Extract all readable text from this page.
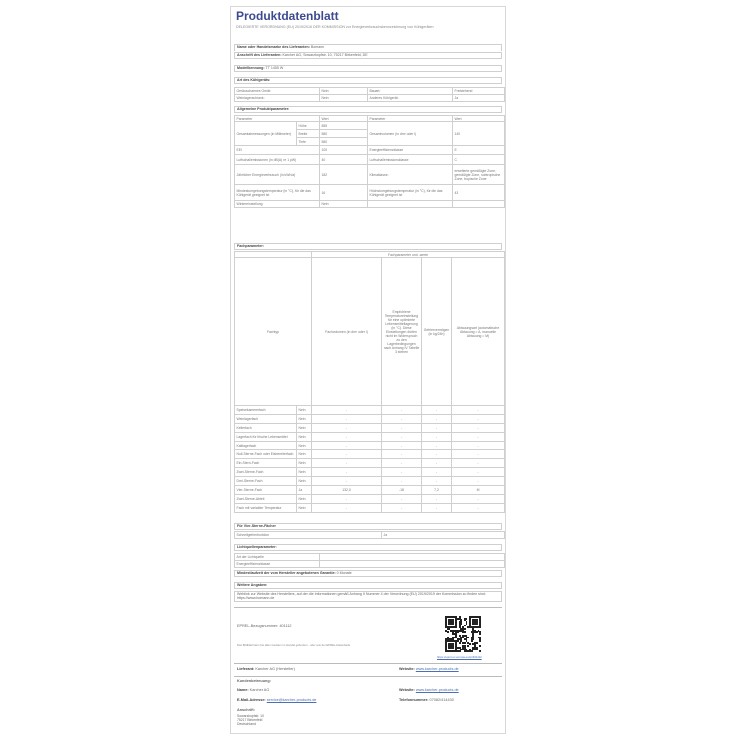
Produktdatenblatt
DELEGIERTE VERORDNUNG (EU) 2019/2016 DER KOMMISSION zur Energieverbrauchskennzeichnung von Kühlgeräten
Name oder Handelsmarke des Lieferanten: Bomann
Anschrift des Lieferanten: Karcher AG, Sowarzkopfstr. 10, 75217 Birkenfeld, DE
Modellkennung: TT 1455 W
Art des Kühlgeräts:
Geräuscharmes Gerät:	Nein	Bauart:	Freistehend
Weinlagerschrank:	Nein	Anderes Kühlgerät:	Ja
Allgemeine Produktparameter:
Parameter		Wert	Parameter	Wert
Gesamtabmessungen (in Millimeter)	Höhe	855	Gesamtvolumen (in dm³ oder l)	140
	Breite	580		
	Tiefe	580		
EEI		100	Energieeffizienzklasse	E
Luftschallemissionen (in dB(A) re 1 pW)		40	Luftschallemissionsklasse	C
Jährlicher Energieverbrauch (in kWh/a)		182	Klimaklasse:	erweiterte gemäßigte Zone, gemäßigte Zone, subtropische Zone, tropische Zone
Mindestumgebungstemperatur (in °C), für die das Kühlgerät geeignet ist		16	Höchstumgebungstemperatur (in °C), für die das Kühlgerät geeignet ist	43
Wintereinstellung		Nein		
Fachparameter:
		Fachparameter und -werte			
Fachtyp		Fachvolumen (in dm³ oder l)	Empfohlene Temperatureinstellung für eine optimierte Lebensmittellagerung (in °C). Diese Einstellungen dürfen nicht im Widerspruch zu den Lagerbedingungen nach Anhang IV Tabelle 3 stehen	Gefriervermögen (in kg/24h)	Abtauungsart (automatische Abtauung = A, manuelle Abtauung = M)
Speisekammerfach	Nein	-	-	-	-
Weinlagerfach	Nein	-	-	-	-
Kellerfach	Nein	-	-	-	-
Lagerfach für frische Lebensmittel	Nein	-	-	-	-
Kaltlagerfach	Nein	-	-	-	-
Null-Sterne-Fach oder Eisbereiterfach	Nein	-	-	-	-
Ein-Stern-Fach	Nein	-	-	-	-
Zwei-Sterne-Fach	Nein	-	-	-	-
Drei-Sterne-Fach	Nein	-	-	-	-
Vier-Sterne-Fach	Ja	132,0	-18	7,2	M
Zwei-Sterne-Abteil	Nein	-	-	-	-
Fach mit variabler Temperatur	Nein	-	-	-	-
Für Vier-Sterne-Fächer
Schnellgefrierfunktion	Ja
Lichtquellenparameter:
Art der Lichtquelle	
Energieeffizienzklasse	
Mindestlaufzeit der vom Hersteller angebotenen Garantie: 0 Monate
Weitere Angaben:
Weblink zur Website des Herstellers, auf der die Informationen gemäß Anhang II Nummer 4 der Verordnung (EU) 2019/2019 der Kommission zu finden sind: https://www.bomann.de
EPREL-Bezugsnummer: 401112
Das Bildblatt kann bei allen Geräten im Handel gefunden - oder aus der EPREL-Datenbank
https://eprel.ec.europa.eu/qr/401112
Lieferant: Karcher AG (Hersteller)	Website: www.karcher-products.de
Kundenbetreuung:
Name: Karcher AG	Website: www.karcher-products.de
E-Mail-Adresse: service@karcher-products.de	Telefonnummer: 07082/414430
Anschrift:
Sowarzkopfstr. 10
75217 Birkenfeld
Deutschland
